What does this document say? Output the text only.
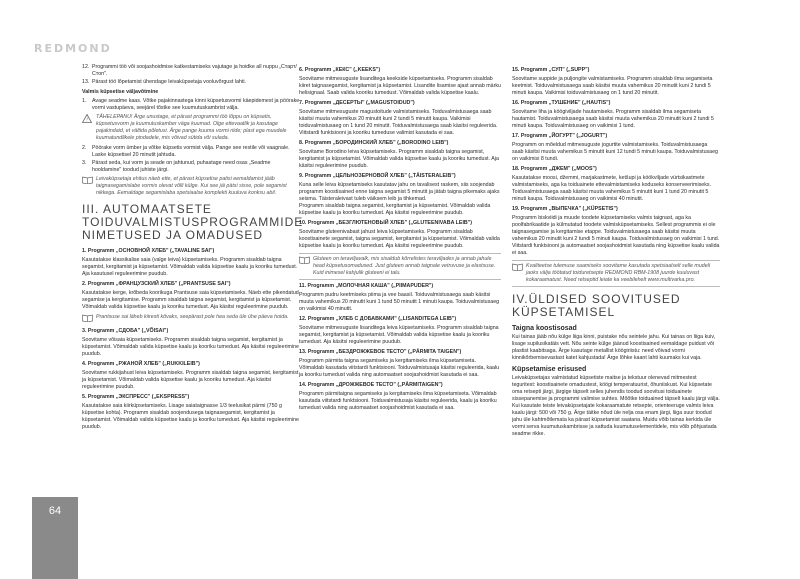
REDMOND
12. Programmi töö või soojashoidmise katkestamiseks vajutage ja hoidke all nuppu „Старт/Стоп".
13. Pärast töö lõpetamist ühendage leivaküpsetaja vooluvõrgust lahti.
Valmis küpsetise väljavõtmine
1.	Avage seadme kaas. Võtke pajakinnastega kinni küpsetusvormi käepidemest ja pöörake vormi vastupäeva, seejärel tõstke see kuumutuskambrist välja.
!
TÄHELEPANU! Ärge unustage, et pärast programmi töö lõppu on küpsetis, küpsetusvorm ja kuumutuskamber väga kuumad. Olge ettevaatlik ja kasutage pajakindaid, et vältida põletusi. Ärge pange kuuma vormi riide; plast ega muudele kuumatundlikele pindadele, mis võivad sütida või sulada.
2.	Pöörake vorm ümber ja võtke küpsetis vormist välja. Pange see restile või vaagnale. Laske küpsetisel 20 minutit jahtuda.
3.	Pärast seda, kui vorm ja seade on jahtunud, puhastage need osas „Seadme hooldamine" toodud juhiste järgi.
Leivaküpsetaja ehitus näeb ette, et pärast küpsetise patisi eemaldamist jääb taignasegamislabe vormis olevat võlli külge. Kui see jäi pätsi sisse, pole segamist nikkega. Eemaldage segamislaba spetsiaalse komplekti kuuluva konksu abil.
III. AUTOMAATSETE TOIDUVALMISTUSPROGRAMMIDE NIMETUSED JA OMADUSED
1. Programm „ОСНОВНОЙ ХЛЕБ" („TAVALINE SAI")
Kasutatakse klassikalise saia (valge leiva) küpsetamiseks. Programm sisaldab taigna segamist, kergitamist ja küpsetamist. Võimaldab valida küpsetise kaalu ja kooriku tumedust. Aja kasutusel reguleerimine puudub.
2. Programm „ФРАНЦУЗСКИЙ ХЛЕБ" („PRANTSUSE SAI")
Kasutatakse kerge, krõbeda koorikuga Prantsuse saia küpsetamiseks. Näeb ette pikendatud segamise ja kergitamise. Programm sisaldab taigna segamist, kergitamist ja küpsetamist. Võimaldab valida küpsetise kaalu ja kooriku tumedust. Aja käsitsi reguleerimine puudub.
Prantsuse sai läheb kiiresti kõvaks, seepärast pole hea seda üle ühe päeva hoida.
3. Programm „СДОБА" („VÕISAI")
Soovitame võisaia küpsetamiseks. Programm sisaldab taigna segamist, kergitamist ja küpsetamist. Võimaldab valida küpsetise kaalu ja kooriku tumedust. Aja käsitsi reguleerimine puudub.
4. Programm „РЖАНОЙ ХЛЕБ" („RUKKILEIB")
Soovitame rukkijahust leiva küpsetamiseks. Programm sisaldab taigna segamist, kergitamist ja küpsetamist. Võimaldab valida küpsetise kaalu ja kooriku tumedust. Aja käsitsi reguleerimine puudub.
5. Programm „ЭКСПРЕСС" („EKSPRESS")
Kasutatakse saia kiirküpsetamiseks. Lisage saiataignasse 1/3 teelusikat pärmi (750 g küpsetise kohta). Programm sisaldab soojendusega taignasegamist, kergitamist ja küpsetamist. Võimaldab valida küpsetise kaalu ja kooriku tumedust. Aja käsitsi reguleerimine puudub.
6. Programm „КЕКС" („KEEKS")
Soovitame mitmesuguste lisanditega keekside küpsetamiseks. Programm sisaldab kiiret taignasegamist, kergitamist ja küpsetamist. Lisandite lisamise ajast annab märku helisignaal. Saab valida kooriku tumedust. Võimaldab valida küpsetise kaalu.
7. Programm „ДЕСЕРТЫ" („MAGUSTOIDUD")
Soovitame mitmesuguste magustoitude valmistamiseks. Toiduvalmistusaega saab käsitsi muuta vahemikus 20 minutit kuni 2 tundi 5 minutit kaupa. Vaikimisi toiduvalmistusaeg on 1 tund 20 minutit. Toiduvalmistusaega saab käsitsi reguleerida. Viitstardi funktsiooni ja kooriku tumeduse valimist kasutada ei saa.
8. Programm „БОРОДИНСКИЙ ХЛЕБ" („BORODINO LEIB")
Soovitame Borodino leiva küpsetamiseks. Programm sisaldab taigna segamist, kergitamist ja küpsetamist. Võimaldab valida küpsetise kaalu ja kooriku tumedust. Aja käsitsi reguleerimine puudub.
9. Programm „ЦЕЛЬНОЗЕРНОВОЙ ХЛЕБ" („TÄISTERALEIB")
Kuna selle leiva küpsetamiseks kasutatav jahu on tavalisest raskem, siis soojendab programm koostisained enne taigna segamist 5 minutit ja jätab taigna pikemaks ajaks seisma. Täisteraleivast tuleb väiksem leib ja tihkemad.
Programm sisaldab taigna segamist, kergitamist ja küpsetamist. Võimaldab valida küpsetise kaalu ja kooriku tumedust. Aja käsitsi reguleerimine puudub.
10. Programm „БЕЗГЛЮТЕНОВЫЙ ХЛЕБ" („GLUTEENIVABA LEIB")
Soovitame gluteenivabast jahust leiva küpsetamiseks. Programm sisaldab koostisainete segamist, taigna segamist, kergitamist ja küpsetamist. Võimaldab valida küpsetise kaalu ja kooriku tumedust. Aja käsitsi reguleerimine puudub.
Gluteen on teraviljavalk, mis sisaldub kõrrelistes teraviljades ja annab jahule head küpsetusomadused. Just gluteen annab taignale vetruvuse ja elastsuse. Kuid inimesel kahjulik gluteeni ei talu.
11. Programm „МОЛОЧНАЯ КАША" („PIIMAPUDER")
Programm pudru keetmiseks piima ja vee baasil. Toiduvalmistusaega saab käsitsi muuta vahemikus 20 minutit kuni 1 tund 50 minutit 1 minuti kaupa. Toiduvalmistusaeg on vaikimisi 40 minutit.
12. Programm „ХЛЕБ С ДОБАВКАМИ" („LISANDITEGA LEIB")
Soovitame mitmesuguste lisanditega leiva küpsetamiseks. Programm sisaldab taigna segamist, kergitamist ja küpsetamist. Võimaldab valida küpsetise kaalu ja kooriku tumedust. Aja käsitsi reguleerimine puudub.
13. Programm „БЕЗДРОЖЖЕВОЕ ТЕСТО" („PÄRMITA TAIGEN")
Programm pärmita taigna segamiseks ja kergitamiseks ilma küpsetamiseta. Võimaldab kasutada viitstardi funktsiooni. Toiduvalmistusaja käsitsi reguleerida, kaalu ja kooriku tumedust valida ning automaatset soojashoidmist kasutada ei saa.
14. Programm „ДРОЖЖЕВОЕ ТЕСТО" („PÄRMITAIGEN")
Programm pärmitaigna segamiseks ja kergitamiseks ilma küpsetamiseta. Võimaldab kasutada viitstardi funktsiooni. Toiduvalmistusaja käsitsi reguleerida, kaalu ja kooriku tumedust valida ning automaatset soojashoidmist kasutada ei saa.
15. Programm „СУП" („SUPP")
Soovitame suppide ja puljongite valmistamiseks. Programm sisaldab ilma segamiseta keetmist. Toiduvalmistusaega saab käsitsi muuta vahemikus 20 minutit kuni 2 tundi 5 minuti kaupa. Vaikimisi toiduvalmistusaeg on 1 tund 20 minutit.
16. Programm „ТУШЕНИЕ" („HAUTIS")
Soovitame liha ja köögiviljade hautamiseks. Programm sisaldab ilma segamiseta hautamist. Toiduvalmistusaega saab käsitsi muuta vahemikus 20 minutit kuni 2 tundi 5 minuti kaupa. Toiduvalmistusaeg on vaikimisi 1 tund.
17. Programm „ЙОГУРТ" („JOGURT")
Programm on mõeldud mitmesuguste jogurtite valmistamiseks. Toiduvalmistusaega saab käsitsi muuta vahemikus 5 minutit kuni 12 tundi 5 minuti kaupa. Toiduvalmistusaeg on vaikimisi 8 tundi.
18. Programm „ДЖЕМ" („MOOS")
Kasutatakse moosi, džemmi, marjakastmete, ketšupi ja köökviljade vürtsikastmete valmistamiseks, aga ka toiduainete ettevalmistamiseks koduseks konserveerimiseks. Toiduvalmistusaega saab käsitsi muuta vahemikus 5 minutit kuni 1 tund 20 minutit 5 minuti kaupa. Toiduvalmistusaeg on vaikimisi 40 minutit.
19. Programm „ВЫПЕЧКА" („KÜPSETIS")
Programm biskviidi ja muude toodete küpsetamiseks valmis taignast, aga ka poolfabrikaatide ja külmutatud toodete valmisküpsetamiseks. Sellest programmis ei ole taignasegamise ja kergitamise etappe. Toiduvalmistusaega saab käsitsi muuta vahemikus 20 minutit kuni 2 tundi 5 minuti kaupa. Toiduvalmistusaeg on vaikimisi 1 tund. Viitstardi funktsiooni ja automaatset soojashoidmist kasutada ning küpsetise kaalu valida ei saa.
Kvaliteetse tulemuse saamiseks soovitame kasutada spetsiaalselt selle mudeli jaoks välja töötatud toiduretsepte REDMOND RBM-1908 juurde kuuluvast kokaraamatust. Need retseptid leiate ka veebilehelt www.multivarka.pro.
IV.ÜLDISED SOOVITUSED KÜPSETAMISEL
Taigna koostisosad

Kui tainas jääb nõu külge liiga kinni, puistake nõu seintele jahu. Kui tainas on liiga kuiv, lisage supilusikatäis vett. Nõu seinte külge jäänud koostisained eemaldage puidust või plastist kaabitsaga. Ärge kasutage metallist köögiriistu: need võivad vormi kinnikõrbemisevastast katet kahjustada! Ärge lõhke kaant lahti kuumaks kui vaja.

Küpsetamise erisused

Leivaküpsetajas valmistatud küpsetiste maitse ja tekstuur olenevad mitmestest teguritest: koostisainete omadustest, köögi temperatuurist, õhuniiskust. Kui küpsetate oma retsepti järgi, järgige täpselt selles juhendis toodud soovitusi toiduainete sissepanemise ja programmi valimise suhtes. Mõõtke toiduained täpselt kaalu järgi välja. Kui kasutate teiste leivaküpsetajate kokaraamatute retsepte, orienteeruge valmis leiva kaalu järgi: 500 või 750 g. Ärge täitke nõud üle nelja osa enam järgi, liiga suur toodud jahu üle kahtmõtlemata ka pärast küpsetamist saatana. Muidu võib tainas kerkida üle vormi serva kuumutuskambrisse ja sattuda kuumutuselementidele, mis võib põhjustada seadme rikke.

64
